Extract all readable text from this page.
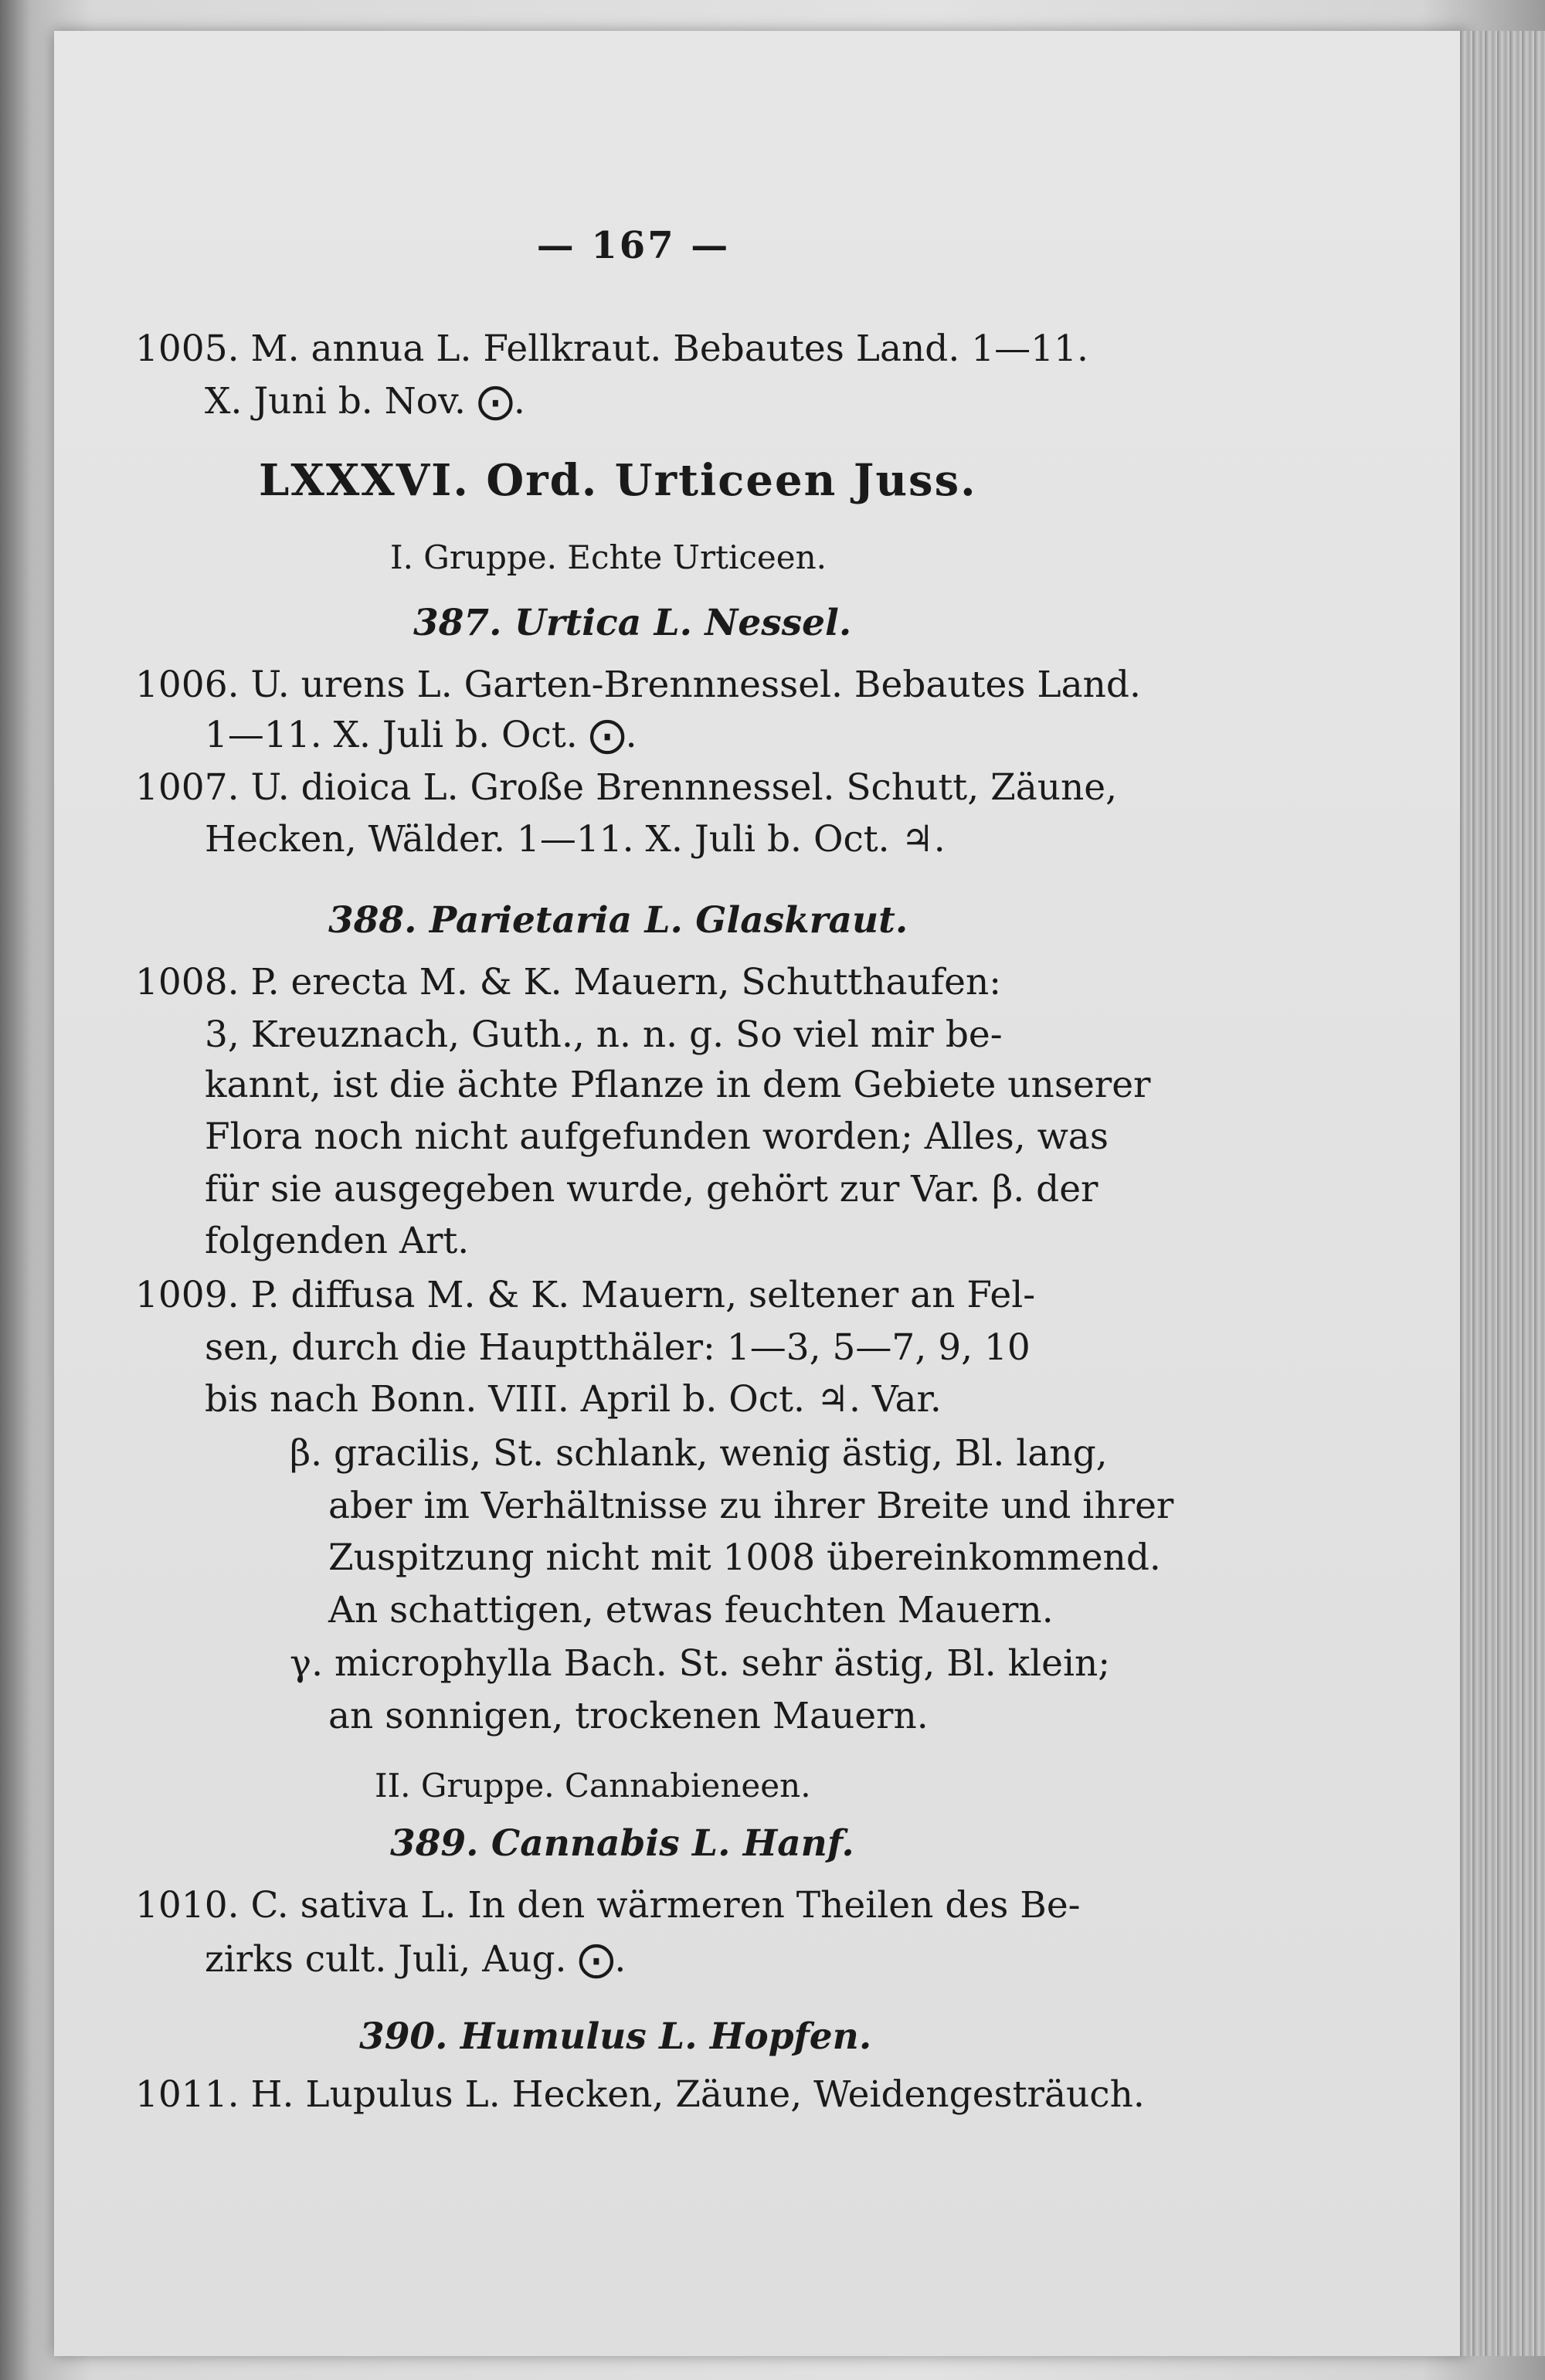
— 167 —
1005. M. annua L. Fellkraut. Bebautes Land. 1—11.
X. Juni b. Nov. ⨀.
LXXXVI. Ord. Urticeen Juss.
I. Gruppe. Echte Urticeen.
387. Urtica L. Nessel.
1006. U. urens L. Garten-Brennnessel. Bebautes Land.
1—11. X. Juli b. Oct. ⨀.
1007. U. dioica L. Große Brennnessel. Schutt, Zäune,
Hecken, Wälder. 1—11. X. Juli b. Oct. ♃.
388. Parietaria L. Glaskraut.
1008. P. erecta M. & K. Mauern, Schutthaufen:
3, Kreuznach, Guth., n. n. g. So viel mir be-
kannt, ist die ächte Pflanze in dem Gebiete unserer
Flora noch nicht aufgefunden worden; Alles, was
für sie ausgegeben wurde, gehört zur Var. β. der
folgenden Art.
1009. P. diffusa M. & K. Mauern, seltener an Fel-
sen, durch die Hauptthäler: 1—3, 5—7, 9, 10
bis nach Bonn. VIII. April b. Oct. ♃. Var.
β. gracilis, St. schlank, wenig ästig, Bl. lang,
aber im Verhältnisse zu ihrer Breite und ihrer
Zuspitzung nicht mit 1008 übereinkommend.
An schattigen, etwas feuchten Mauern.
γ. microphylla Bach. St. sehr ästig, Bl. klein;
an sonnigen, trockenen Mauern.
II. Gruppe. Cannabieneen.
389. Cannabis L. Hanf.
1010. C. sativa L. In den wärmeren Theilen des Be-
zirks cult. Juli, Aug. ⨀.
390. Humulus L. Hopfen.
1011. H. Lupulus L. Hecken, Zäune, Weidengesträuch.
